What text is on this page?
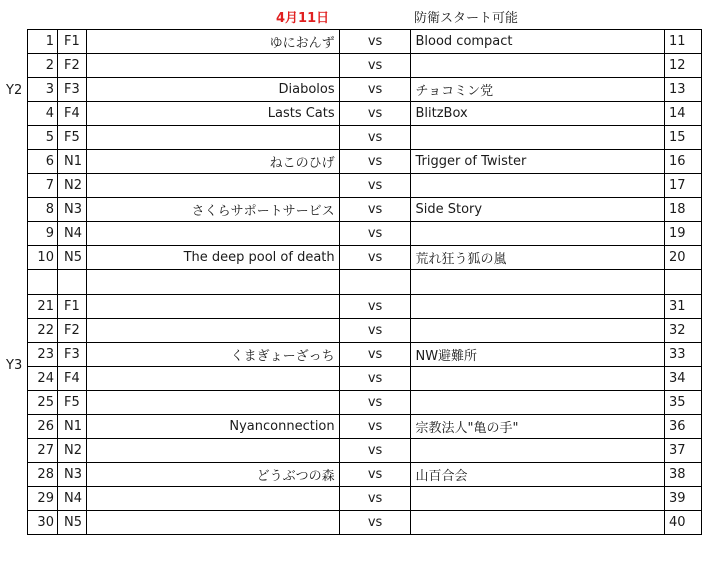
4月11日	防衛スタート可能
Y2
Y3
1	F1	ゆにおんず	vs	Blood compact	11
2	F2		vs		12
3	F3	Diabolos	vs	チョコミン党	13
4	F4	Lasts Cats	vs	BlitzBox	14
5	F5		vs		15
6	N1	ねこのひげ	vs	Trigger of Twister	16
7	N2		vs		17
8	N3	さくらサポートサービス	vs	Side Story	18
9	N4		vs		19
10	N5	The deep pool of death	vs	荒れ狂う狐の嵐	20

21	F1		vs		31
22	F2		vs		32
23	F3	くまぎょーざっち	vs	NW避難所	33
24	F4		vs		34
25	F5		vs		35
26	N1	Nyanconnection	vs	宗教法人"亀の手"	36
27	N2		vs		37
28	N3	どうぶつの森	vs	山百合会	38
29	N4		vs		39
30	N5		vs		40
